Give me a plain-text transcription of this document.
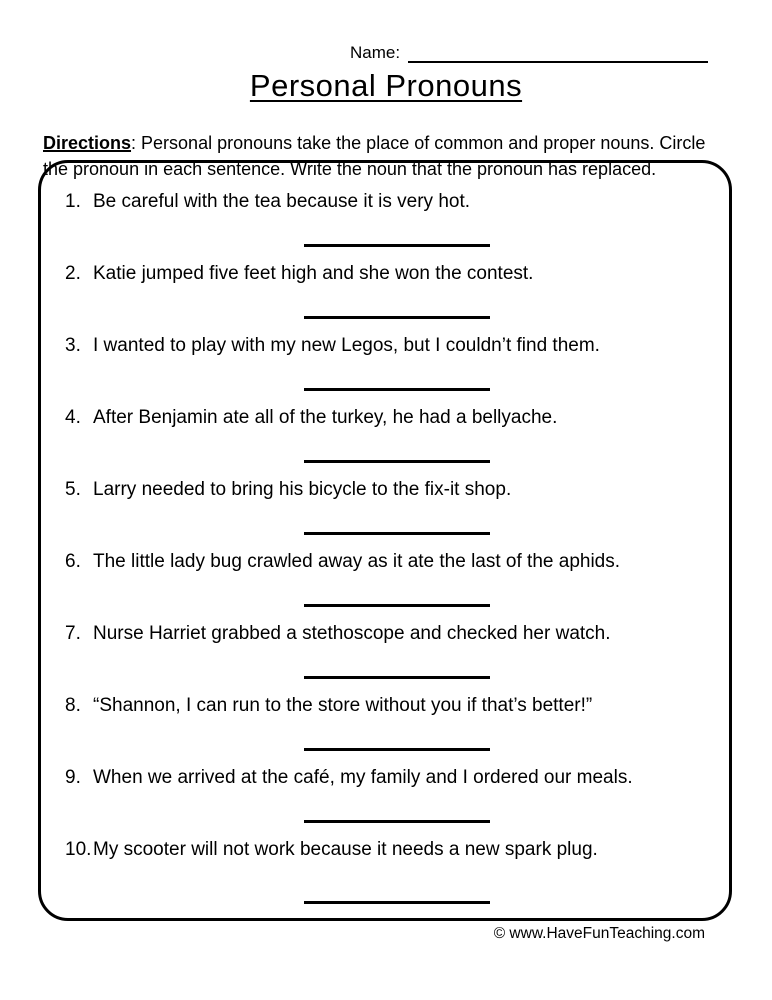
Name:
Personal Pronouns

Directions: Personal pronouns take the place of common and proper nouns. Circle
the pronoun in each sentence. Write the noun that the pronoun has replaced.

1. Be careful with the tea because it is very hot.
2. Katie jumped five feet high and she won the contest.
3. I wanted to play with my new Legos, but I couldn’t find them.
4. After Benjamin ate all of the turkey, he had a bellyache.
5. Larry needed to bring his bicycle to the fix-it shop.
6. The little lady bug crawled away as it ate the last of the aphids.
7. Nurse Harriet grabbed a stethoscope and checked her watch.
8. “Shannon, I can run to the store without you if that’s better!”
9. When we arrived at the café, my family and I ordered our meals.
10. My scooter will not work because it needs a new spark plug.
© www.HaveFunTeaching.com
